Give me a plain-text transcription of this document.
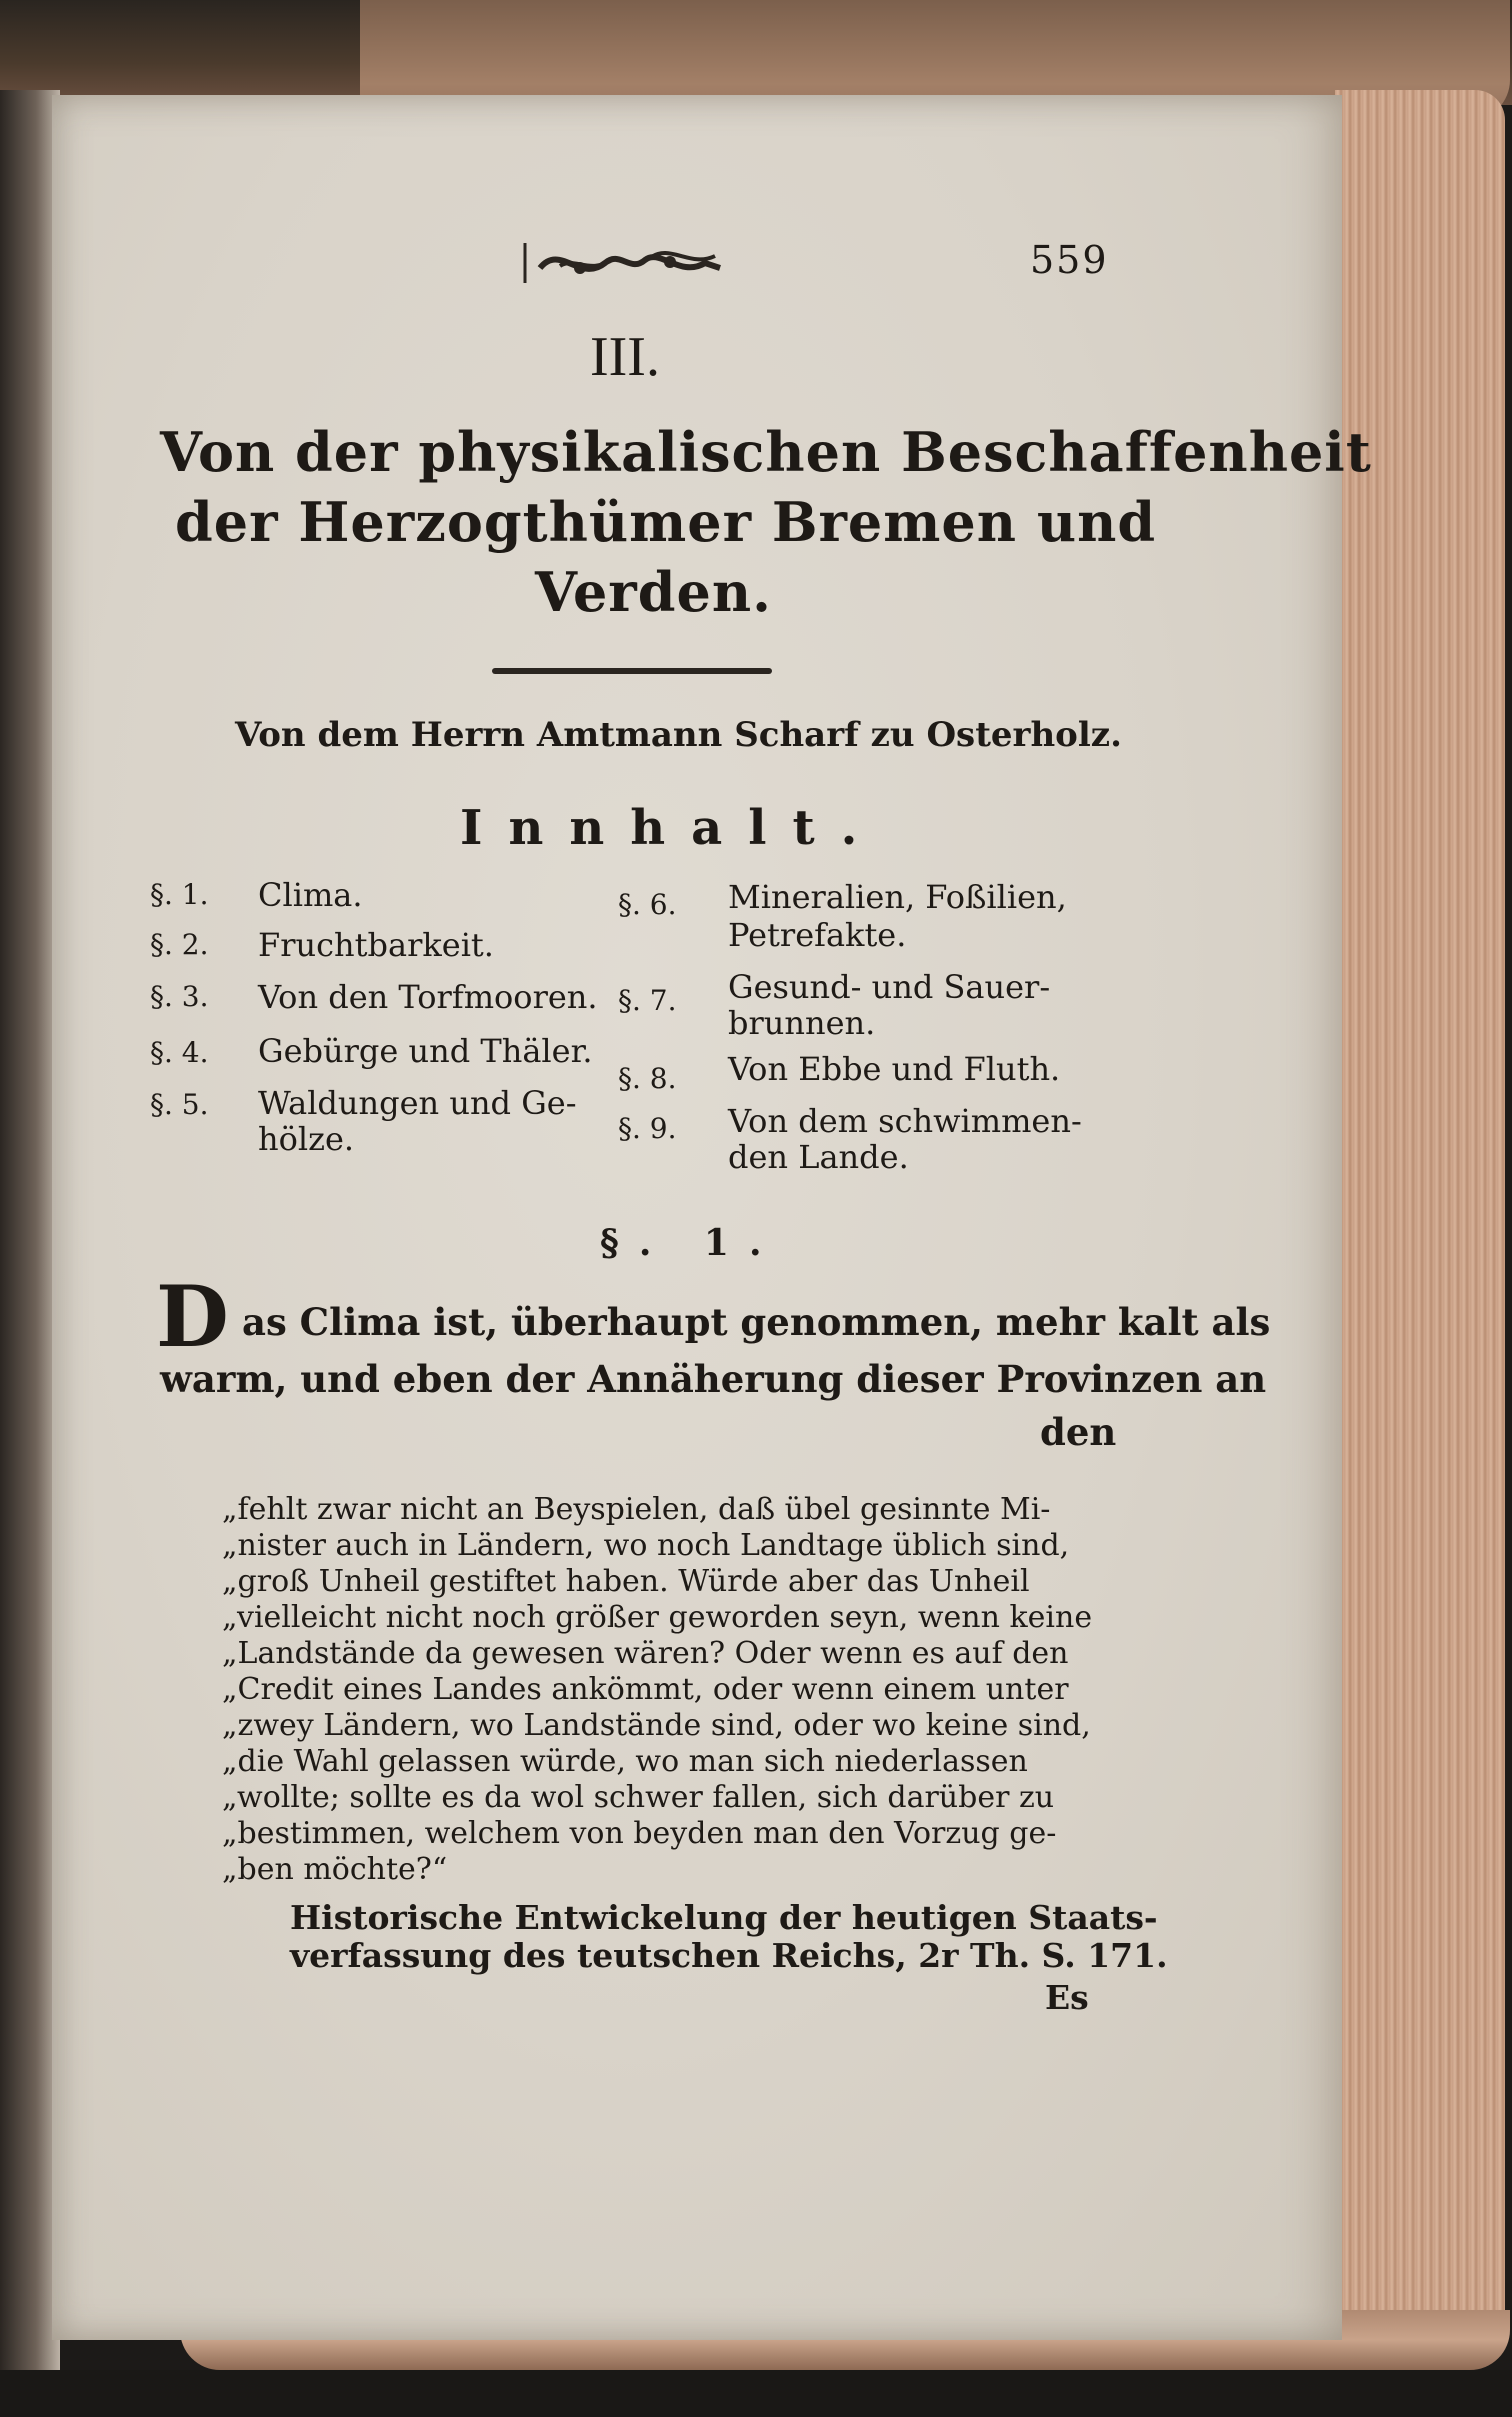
559
III.
Von der physikalischen Beschaffenheit
der Herzogthümer Bremen und
Verden.
Von dem Herrn Amtmann Scharf zu Osterholz.
Innhalt.
§. 1. Clima.
§. 2. Fruchtbarkeit.
§. 3. Von den Torfmooren.
§. 4. Gebürge und Thäler.
§. 5. Waldungen und Ge-
hölze.
§. 6. Mineralien, Foßilien,
Petrefakte.
§. 7. Gesund- und Sauer-
brunnen.
§. 8. Von Ebbe und Fluth.
§. 9. Von dem schwimmen-
den Lande.
§. 1.
D as Clima ist, überhaupt genommen, mehr kalt als
warm, und eben der Annäherung dieser Provinzen an
den
„fehlt zwar nicht an Beyspielen, daß übel gesinnte Mi-
„nister auch in Ländern, wo noch Landtage üblich sind,
„groß Unheil gestiftet haben. Würde aber das Unheil
„vielleicht nicht noch größer geworden seyn, wenn keine
„Landstände da gewesen wären? Oder wenn es auf den
„Credit eines Landes ankömmt, oder wenn einem unter
„zwey Ländern, wo Landstände sind, oder wo keine sind,
„die Wahl gelassen würde, wo man sich niederlassen
„wollte; sollte es da wol schwer fallen, sich darüber zu
„bestimmen, welchem von beyden man den Vorzug ge-
„ben möchte?“
Historische Entwickelung der heutigen Staats-
verfassung des teutschen Reichs, 2r Th. S. 171.
Es
